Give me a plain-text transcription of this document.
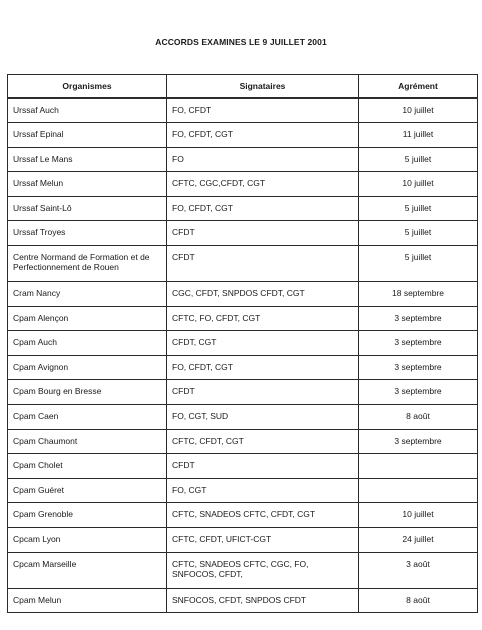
ACCORDS EXAMINES LE 9 JUILLET 2001
Organismes	Signataires	Agrément
Urssaf Auch	FO, CFDT	10 juillet
Urssaf Epinal	FO, CFDT, CGT	11 juillet
Urssaf Le Mans	FO	5 juillet
Urssaf Melun	CFTC, CGC,CFDT, CGT	10 juillet
Urssaf Saint-Lô	FO, CFDT, CGT	5 juillet
Urssaf Troyes	CFDT	5 juillet
Centre Normand de Formation et de Perfectionnement de Rouen	CFDT	5 juillet
Cram Nancy	CGC, CFDT, SNPDOS CFDT, CGT	18 septembre
Cpam Alençon	CFTC, FO, CFDT, CGT	3 septembre
Cpam Auch	CFDT, CGT	3 septembre
Cpam Avignon	FO, CFDT, CGT	3 septembre
Cpam Bourg en Bresse	CFDT	3 septembre
Cpam Caen	FO, CGT, SUD	8 août
Cpam Chaumont	CFTC, CFDT, CGT	3 septembre
Cpam Cholet	CFDT	
Cpam Guéret	FO, CGT	
Cpam Grenoble	CFTC, SNADEOS CFTC, CFDT, CGT	10 juillet
Cpcam Lyon	CFTC, CFDT, UFICT-CGT	24 juillet
Cpcam Marseille	CFTC, SNADEOS CFTC, CGC, FO, SNFOCOS, CFDT,	3 août
Cpam Melun	SNFOCOS, CFDT, SNPDOS CFDT	8 août
